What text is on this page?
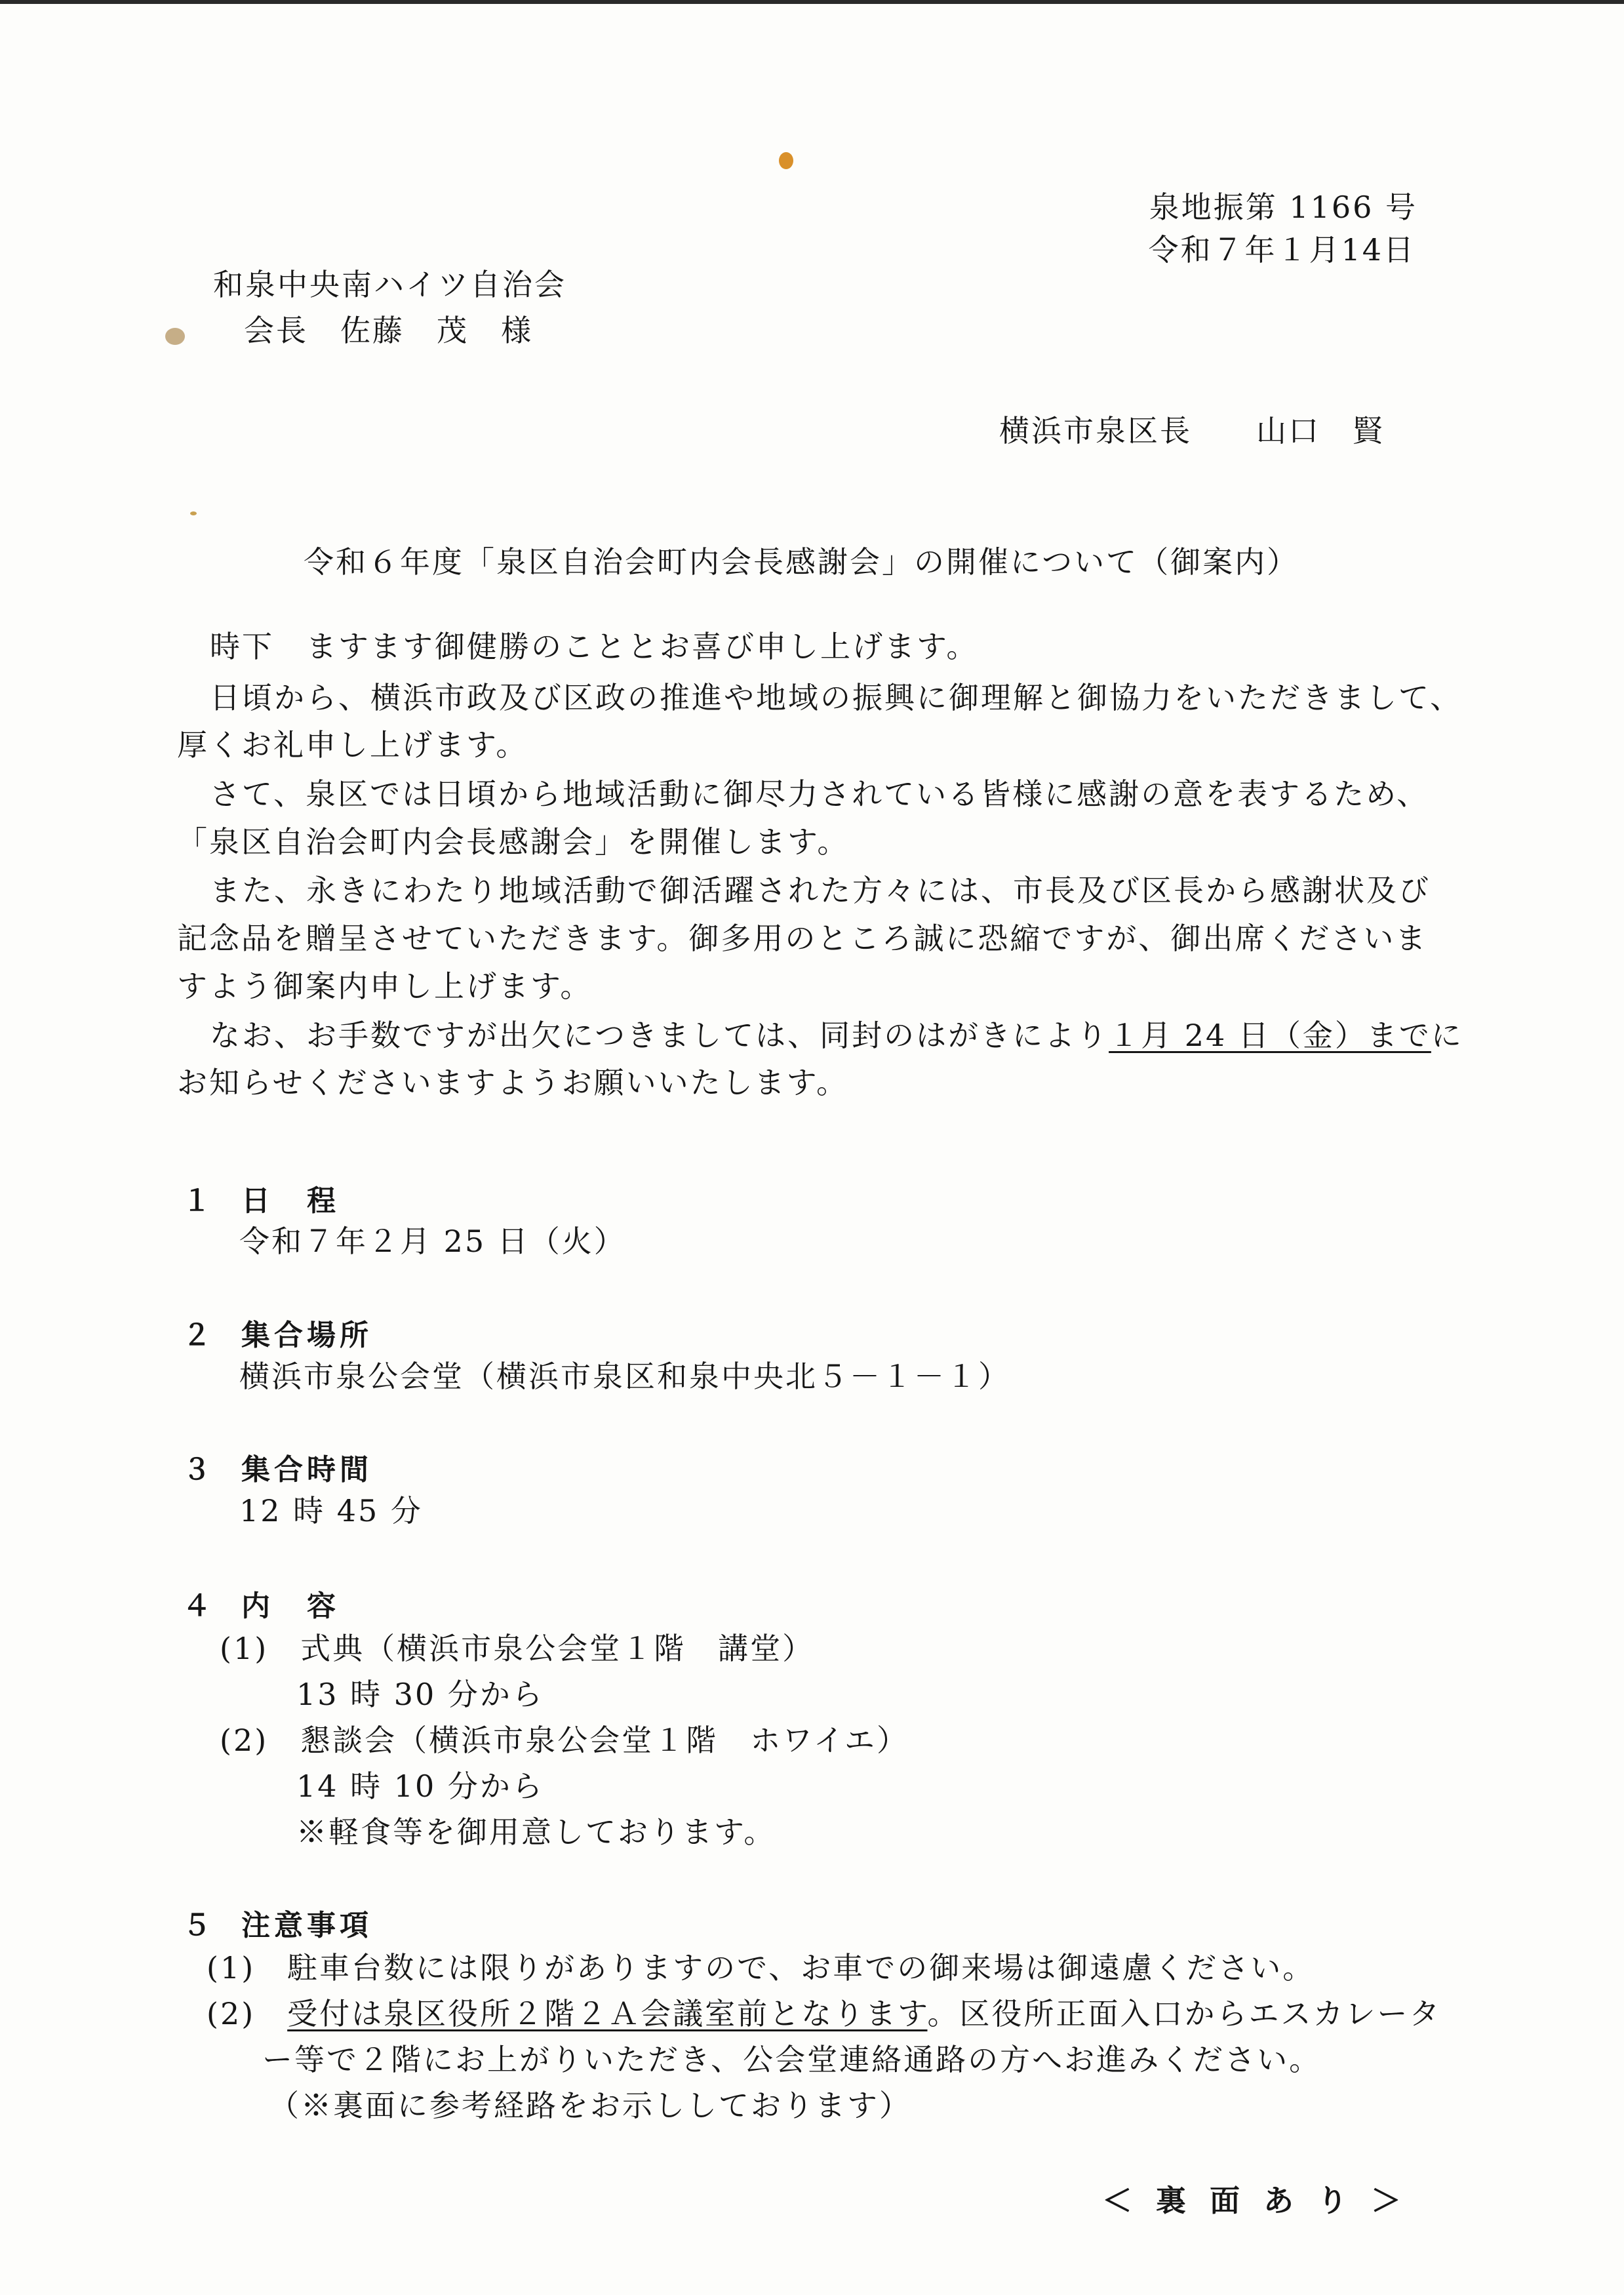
泉地振第 1166 号
令和７年１月14日
和泉中央南ハイツ自治会
会長　佐藤　茂　様
横浜市泉区長　　山口　賢
令和６年度「泉区自治会町内会長感謝会」の開催について（御案内）
時下　ますます御健勝のこととお喜び申し上げます。
日頃から、横浜市政及び区政の推進や地域の振興に御理解と御協力をいただきまして、
厚くお礼申し上げます。
さて、泉区では日頃から地域活動に御尽力されている皆様に感謝の意を表するため、
「泉区自治会町内会長感謝会」を開催します。
また、永きにわたり地域活動で御活躍された方々には、市長及び区長から感謝状及び
記念品を贈呈させていただきます。御多用のところ誠に恐縮ですが、御出席くださいま
すよう御案内申し上げます。
なお、お手数ですが出欠につきましては、同封のはがきにより１月 24 日（金）までに
お知らせくださいますようお願いいたします。
１ 日　程
令和７年２月 25 日（火）
２ 集合場所
横浜市泉公会堂（横浜市泉区和泉中央北５－１－１）
３ 集合時間
12 時 45 分
４ 内　容
(1)　 式典（横浜市泉公会堂１階　講堂）
13 時 30 分から
(2)　 懇談会（横浜市泉公会堂１階　ホワイエ）
14 時 10 分から
※軽食等を御用意しております。
５ 注意事項
(1)　 駐車台数には限りがありますので、お車での御来場は御遠慮ください。
(2)　 受付は泉区役所２階２Ａ会議室前となります。区役所正面入口からエスカレータ
ー等で２階にお上がりいただき、公会堂連絡通路の方へお進みください。
（※裏面に参考経路をお示ししております）
＜ 裏 面 あ り ＞
